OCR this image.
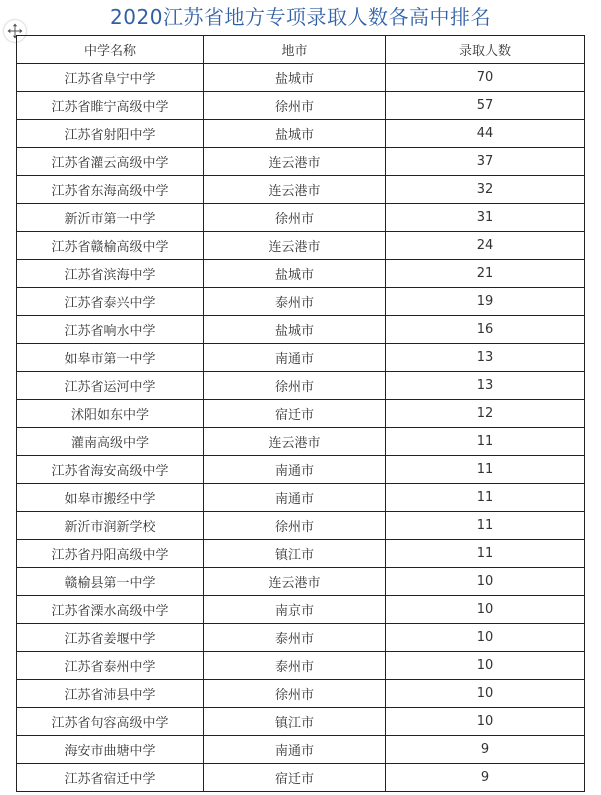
2020江苏省地方专项录取人数各高中排名
中学名称	地市	录取人数
江苏省阜宁中学	盐城市	70
江苏省睢宁高级中学	徐州市	57
江苏省射阳中学	盐城市	44
江苏省灌云高级中学	连云港市	37
江苏省东海高级中学	连云港市	32
新沂市第一中学	徐州市	31
江苏省赣榆高级中学	连云港市	24
江苏省滨海中学	盐城市	21
江苏省泰兴中学	泰州市	19
江苏省响水中学	盐城市	16
如皋市第一中学	南通市	13
江苏省运河中学	徐州市	13
沭阳如东中学	宿迁市	12
灌南高级中学	连云港市	11
江苏省海安高级中学	南通市	11
如皋市搬经中学	南通市	11
新沂市润新学校	徐州市	11
江苏省丹阳高级中学	镇江市	11
赣榆县第一中学	连云港市	10
江苏省溧水高级中学	南京市	10
江苏省姜堰中学	泰州市	10
江苏省泰州中学	泰州市	10
江苏省沛县中学	徐州市	10
江苏省句容高级中学	镇江市	10
海安市曲塘中学	南通市	9
江苏省宿迁中学	宿迁市	9
